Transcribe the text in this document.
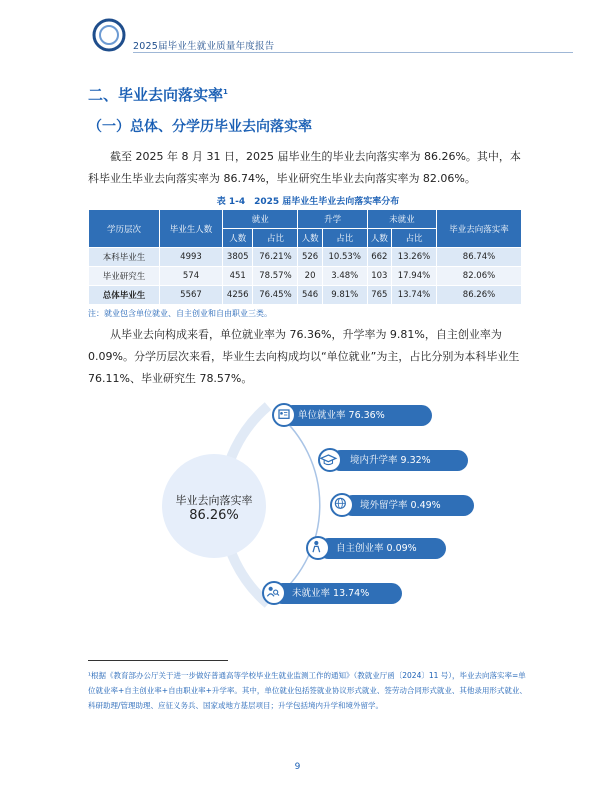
2025届毕业生就业质量年度报告
二、毕业去向落实率$^1$
（一）总体、分学历毕业去向落实率
截至 2025 年 8 月 31 日，2025 届毕业生的毕业去向落实率为 86.26%。其中，本科毕业生毕业去向落实率为 86.74%，毕业研究生毕业去向落实率为 82.06%。
表 1-4　2025 届毕业生毕业去向落实率分布
学历层次	毕业生人数	就业		升学		未就业		毕业去向落实率
		人数	占比	人数	占比	人数	占比	
本科毕业生	4993	3805	76.21%	526	10.53%	662	13.26%	86.74%
毕业研究生	574	451	78.57%	20	3.48%	103	17.94%	82.06%
总体毕业生	5567	4256	76.45%	546	9.81%	765	13.74%	86.26%
注：就业包含单位就业、自主创业和自由职业三类。
从毕业去向构成来看，单位就业率为 76.36%，升学率为 9.81%，自主创业率为 0.09%。分学历层次来看，毕业生去向构成均以“单位就业”为主，占比分别为本科毕业生 76.11%、毕业研究生 78.57%。
毕业去向落实率
86.26%
单位就业率 76.36%
境内升学率 9.32%
境外留学率 0.49%
自主创业率 0.09%
未就业率 13.74%
¹根据《教育部办公厅关于进一步做好普通高等学校毕业生就业监测工作的通知》（教就业厅函〔2024〕11 号），毕业去向落实率=单位就业率+自主创业率+自由职业率+升学率。其中，单位就业包括签就业协议形式就业、签劳动合同形式就业、其他录用形式就业、科研助理/管理助理、应征义务兵、国家或地方基层项目；升学包括境内升学和境外留学。
9
